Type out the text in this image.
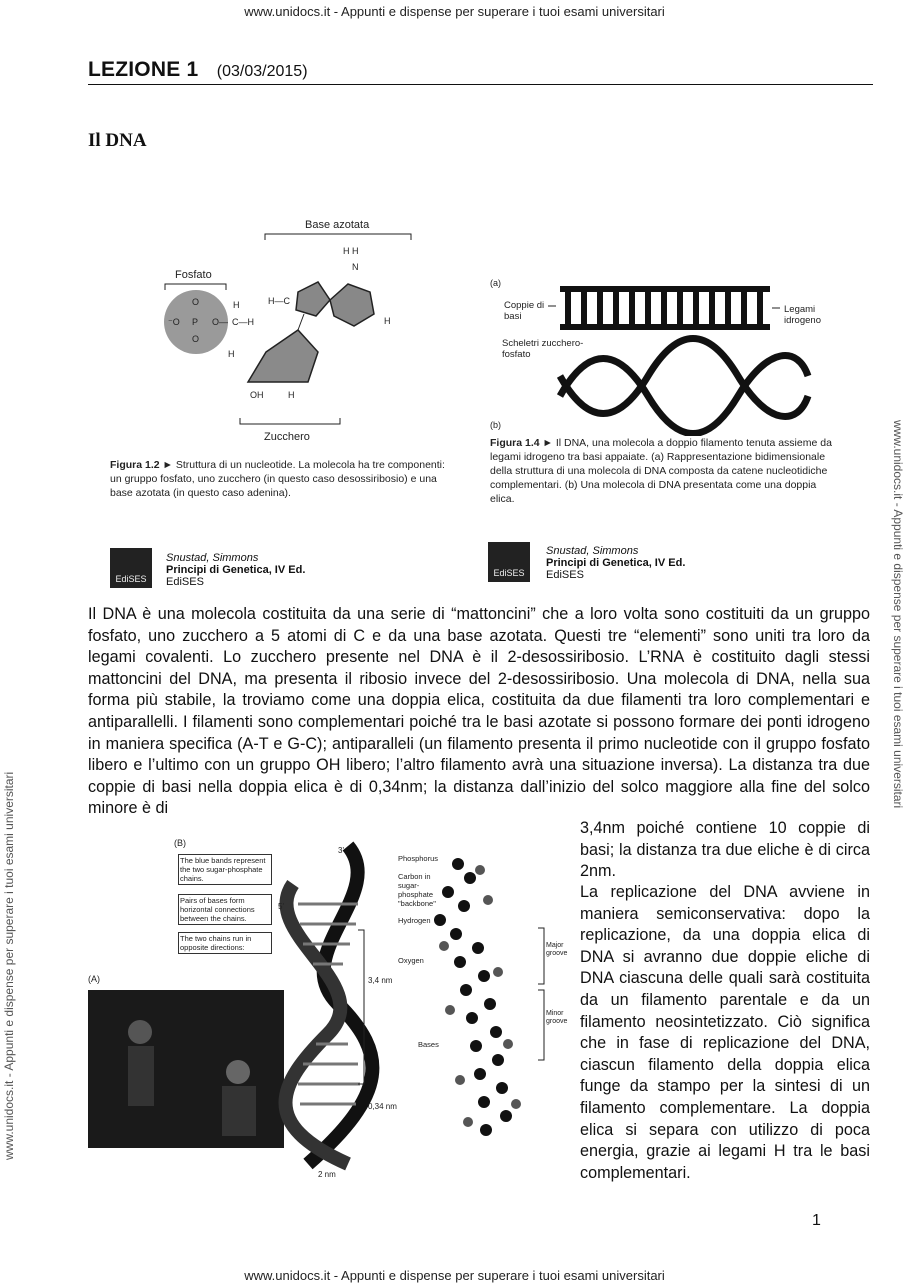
www.unidocs.it - Appunti e dispense per superare i tuoi esami universitari
www.unidocs.it - Appunti e dispense per superare i tuoi esami universitari
www.unidocs.it - Appunti e dispense per superare i tuoi esami universitari
www.unidocs.it - Appunti e dispense per superare i tuoi esami universitari
LEZIONE 1 (03/03/2015)
Il DNA
Base azotata
Fosfato
O
P
O
⁻O	O— C—H
H
H
OH	H
H H
N
H—C
H
Zucchero
Figura 1.2 ► Struttura di un nucleotide. La molecola ha tre componenti: un gruppo fosfato, uno zucchero (in questo caso desossiribosio) e una base azotata (in questo caso adenina).
(a)
(b)
Coppie di basi
Scheletri zucchero-fosfato
Legami idrogeno
Figura 1.4 ► Il DNA, una molecola a doppio filamento tenuta assieme da legami idrogeno tra basi appaiate. (a) Rappresentazione bidimensionale della struttura di una molecola di DNA composta da catene nucleotidiche complementari. (b) Una molecola di DNA presentata come una doppia elica.
EdiSES
Snustad, Simmons
Principi di Genetica, IV Ed.
EdiSES
EdiSES
Snustad, Simmons
Principi di Genetica, IV Ed.
EdiSES
Il DNA è una molecola costituita da una serie di “mattoncini” che a loro volta sono costituiti da un gruppo fosfato, uno zucchero a 5 atomi di C e da una base azotata. Questi tre “elementi” sono uniti tra loro da legami covalenti. Lo zucchero presente nel DNA è il 2-desossiribosio. L’RNA è costituito dagli stessi mattoncini del DNA, ma presenta il ribosio invece del 2-desossiribosio. Una molecola di DNA, nella sua forma più stabile, la troviamo come una doppia elica, costituita da due filamenti tra loro complementari e antiparallelli. I filamenti sono complementari poiché tra le basi azotate si possono formare dei ponti idrogeno in maniera specifica (A-T e G-C); antiparalleli (un filamento presenta il primo nucleotide con il gruppo fosfato libero e l’ultimo con un gruppo OH libero; l’altro filamento avrà una situazione inversa). La distanza tra due coppie di basi nella doppia elica è di 0,34nm; la distanza dall’inizio del solco maggiore alla fine del solco minore è di
(B)
(A)
The blue bands represent the two sugar-phosphate chains.
Pairs of bases form horizontal connections between the chains.
The two chains run in opposite directions:
3'
5'
3,4 nm
0,34 nm
2 nm
Phosphorus
Carbon in sugar-phosphate "backbone"
Hydrogen
Oxygen
Major groove
Minor groove
Bases
3,4nm poiché contiene 10 coppie di basi; la distanza tra due eliche è di circa 2nm.
La replicazione del DNA avviene in maniera semiconservativa: dopo la replicazione, da una doppia elica di DNA si avranno due doppie eliche di DNA ciascuna delle quali sarà costituita da un filamento parentale e da un filamento neosintetizzato. Ciò significa che in fase di replicazione del DNA, ciascun filamento della doppia elica funge da stampo per la sintesi di un filamento complementare. La doppia elica si separa con utilizzo di poca energia, grazie ai legami H tra le basi complementari.
1
